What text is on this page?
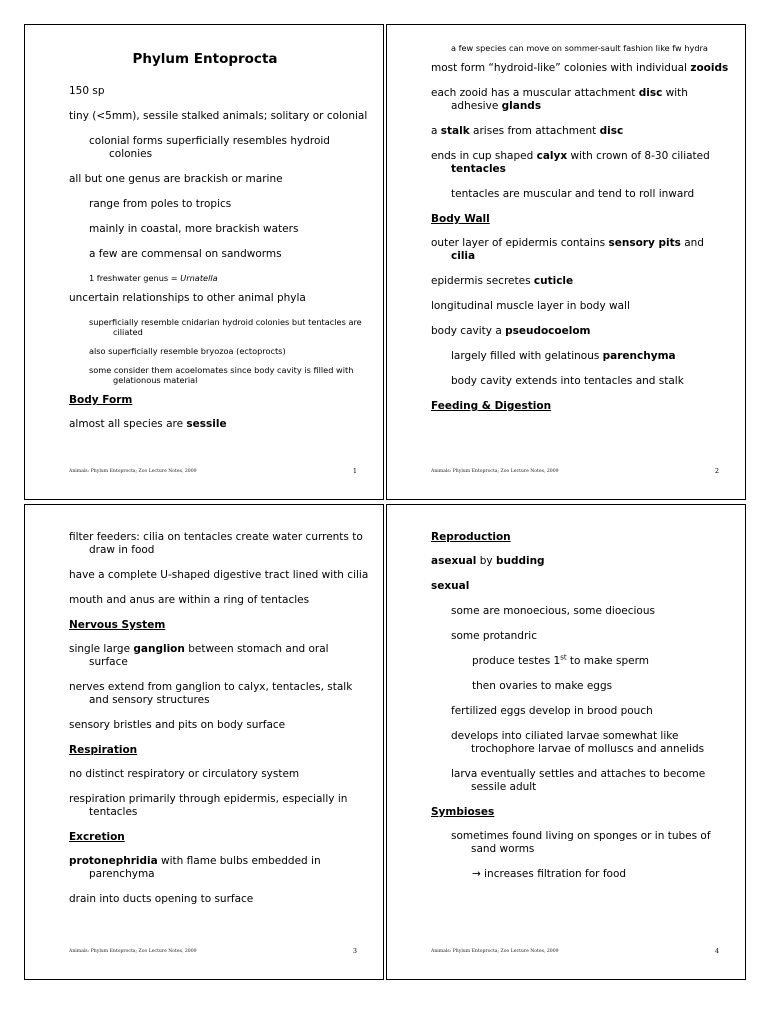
Phylum Entoprocta
150 sp
tiny (<5mm), sessile stalked animals; solitary or colonial
colonial forms superficially resembles hydroid colonies
all but one genus are brackish or marine
range from poles to tropics
mainly in coastal, more brackish waters
a few are commensal on sandworms
1 freshwater genus = Urnatella
uncertain relationships to other animal phyla
superficially resemble cnidarian hydroid colonies but tentacles are ciliated
also superficially resemble bryozoa (ectoprocts)
some consider them acoelomates since body cavity is filled with gelationous material
Body Form
almost all species are sessile
Animals: Phylum Entoprocta; Zoo Lecture Notes, 2009	1
a few species can move on sommer-sault fashion like fw hydra
most form “hydroid-like” colonies with individual zooids
each zooid has a muscular attachment disc with adhesive glands
a stalk arises from attachment disc
ends in cup shaped calyx with crown of 8-30 ciliated tentacles
tentacles are muscular and tend to roll inward
Body Wall
outer layer of epidermis contains sensory pits and cilia
epidermis secretes cuticle
longitudinal muscle layer in body wall
body cavity a pseudocoelom
largely filled with gelatinous parenchyma
body cavity extends into tentacles and stalk
Feeding & Digestion
Animals: Phylum Entoprocta; Zoo Lecture Notes, 2009	2
filter feeders: cilia on tentacles create water currents to draw in food
have a complete U-shaped digestive tract lined with cilia
mouth and anus are within a ring of tentacles
Nervous System
single large ganglion between stomach and oral surface
nerves extend from ganglion to calyx, tentacles, stalk and sensory structures
sensory bristles and pits on body surface
Respiration
no distinct respiratory or circulatory system
respiration primarily through epidermis, especially in tentacles
Excretion
protonephridia with flame bulbs embedded in parenchyma
drain into ducts opening to surface
Animals: Phylum Entoprocta; Zoo Lecture Notes, 2009	3
Reproduction
asexual by budding
sexual
some are monoecious, some dioecious
some protandric
produce testes 1st to make sperm
then ovaries to make eggs
fertilized eggs develop in brood pouch
develops into ciliated larvae somewhat like trochophore larvae of molluscs and annelids
larva eventually settles and attaches to become sessile adult
Symbioses
sometimes found living on sponges or in tubes of sand worms
→ increases filtration for food
Animals: Phylum Entoprocta; Zoo Lecture Notes, 2009	4
